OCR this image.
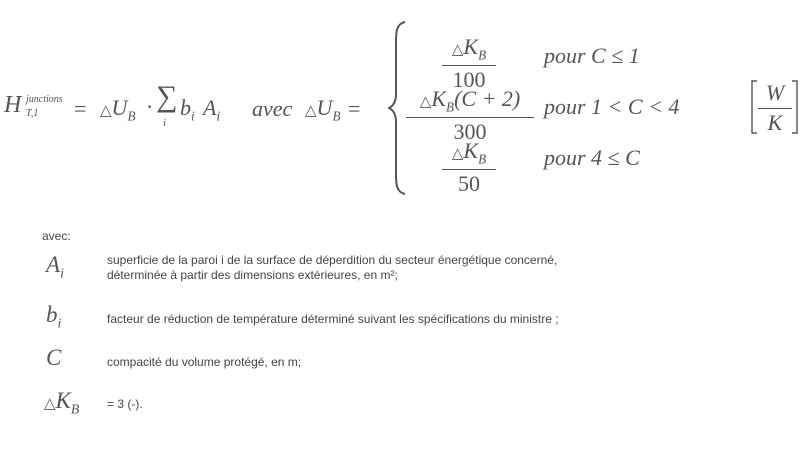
H junctions
$T,1 = \triangle U_B$ · ∑
i
$b_i$ $A_i$ avec $\triangle U_B$ =
$\triangle K_B$
100
pour C ≤ 1
$\triangle K_B(C + 2)$
300
pour 1 < C < 4
$\triangle K_B$
50
pour 4 ≤ C
W
K
avec:
$A_i$
superficie de la paroi i de la surface de déperdition du secteur énergétique concerné,
déterminée à partir des dimensions extérieures, en m²;
$b_i$	facteur de réduction de température déterminé suivant les spécifications du ministre ;
C	compacité du volume protégé, en m;
$\triangle K_B = 3$ (-).
